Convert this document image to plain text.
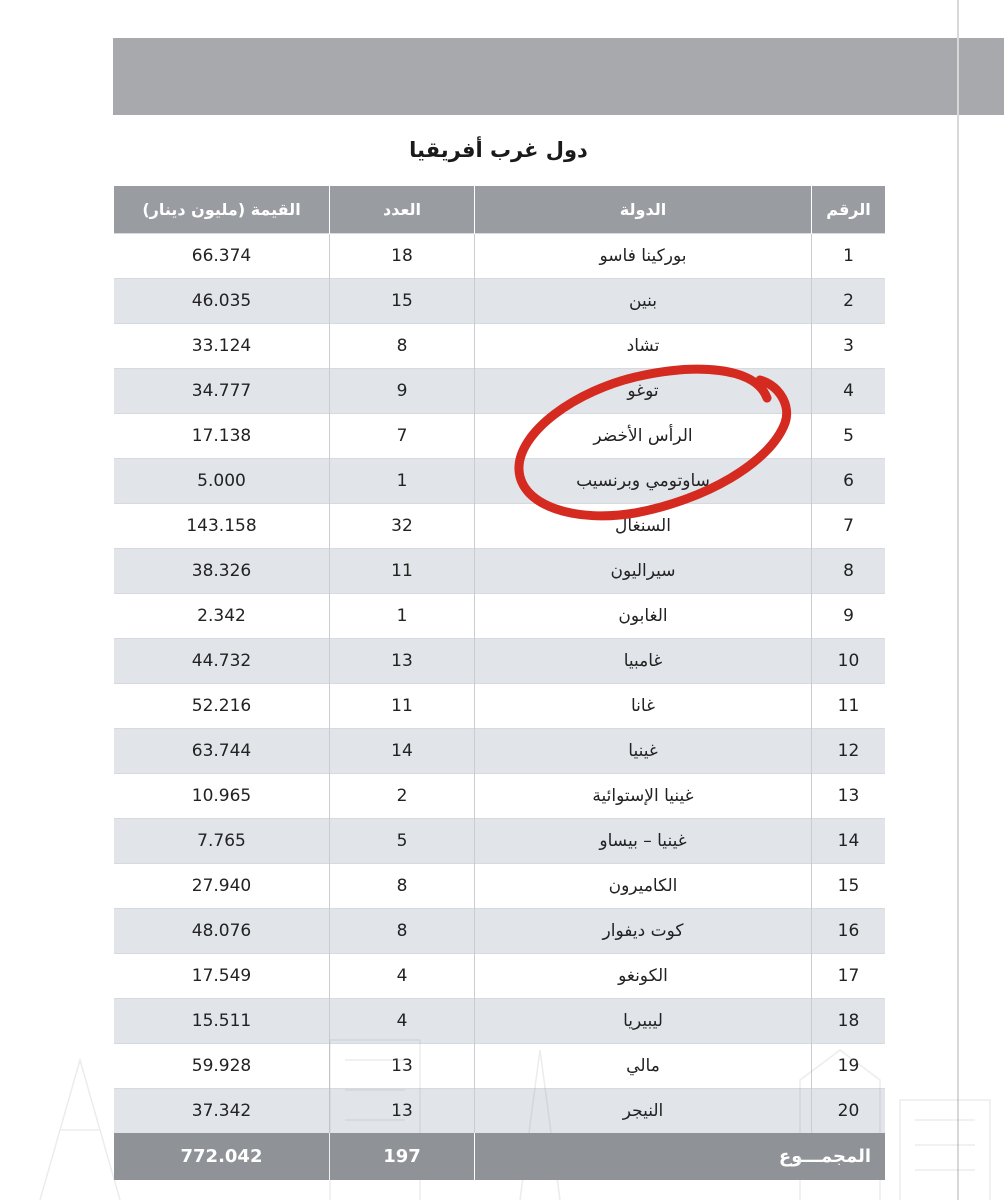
دول غرب أفريقيا
الرقم	الدولة	العدد	القيمة (مليون دينار)
1	بوركينا فاسو	18	66.374
2	بنين	15	46.035
3	تشاد	8	33.124
4	توغو	9	34.777
5	الرأس الأخضر	7	17.138
6	ساوتومي وبرنسيب	1	5.000
7	السنغال	32	143.158
8	سيراليون	11	38.326
9	الغابون	1	2.342
10	غامبيا	13	44.732
11	غانا	11	52.216
12	غينيا	14	63.744
13	غينيا الإستوائية	2	10.965
14	غينيا – بيساو	5	7.765
15	الكاميرون	8	27.940
16	كوت ديفوار	8	48.076
17	الكونغو	4	17.549
18	ليبيريا	4	15.511
19	مالي	13	59.928
20	النيجر	13	37.342
المجمـــوع		197	772.042
